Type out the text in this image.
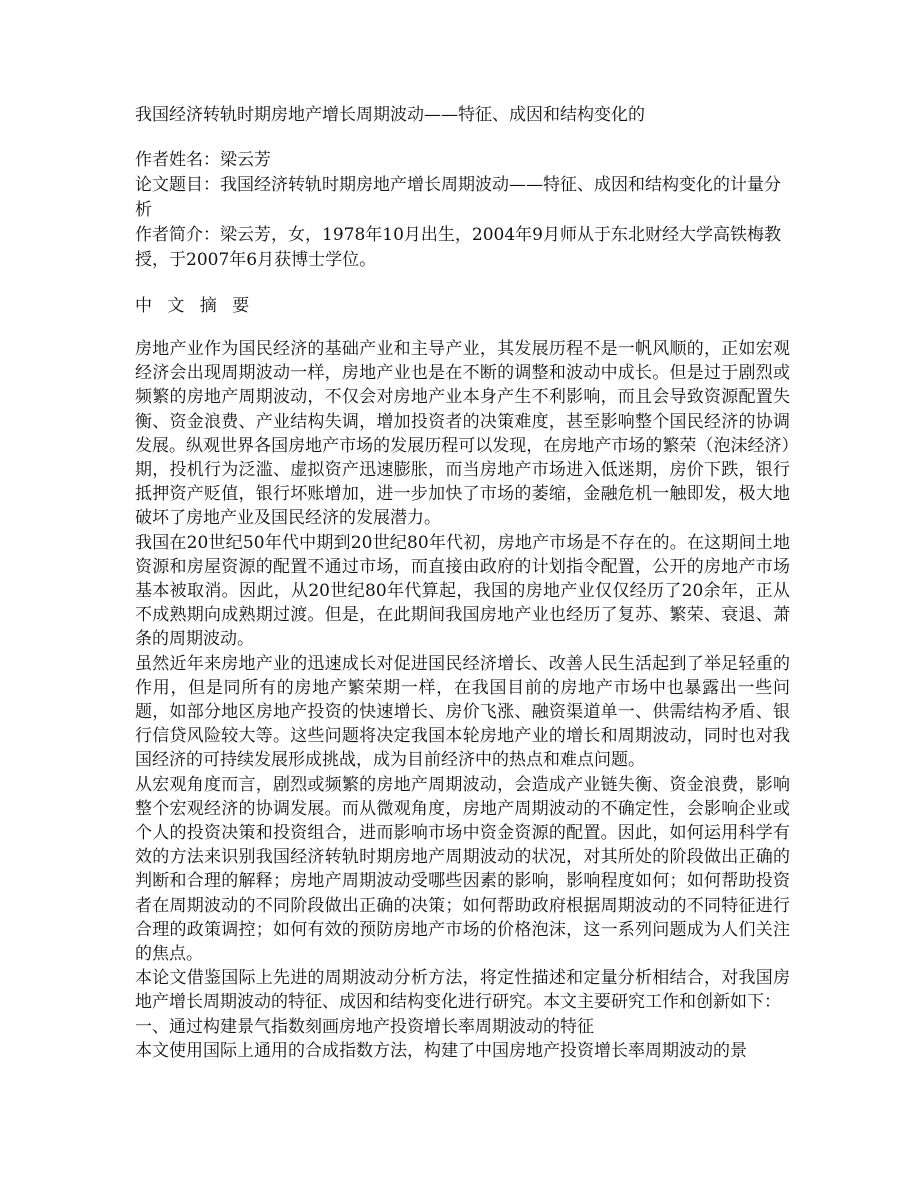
我国经济转轨时期房地产增长周期波动——特征、成因和结构变化的

作者姓名：梁云芳

论文题目：我国经济转轨时期房地产增长周期波动——特征、成因和结构变化的计量分析

作者简介：梁云芳，女，1978年10月出生，2004年9月师从于东北财经大学高铁梅教授，于2007年6月获博士学位。

中 文 摘 要

房地产业作为国民经济的基础产业和主导产业，其发展历程不是一帆风顺的，正如宏观经济会出现周期波动一样，房地产业也是在不断的调整和波动中成长。但是过于剧烈或频繁的房地产周期波动，不仅会对房地产业本身产生不利影响，而且会导致资源配置失衡、资金浪费、产业结构失调，增加投资者的决策难度，甚至影响整个国民经济的协调发展。纵观世界各国房地产市场的发展历程可以发现，在房地产市场的繁荣（泡沫经济）期，投机行为泛滥、虚拟资产迅速膨胀，而当房地产市场进入低迷期，房价下跌，银行抵押资产贬值，银行坏账增加，进一步加快了市场的萎缩，金融危机一触即发，极大地破坏了房地产业及国民经济的发展潜力。

我国在20世纪50年代中期到20世纪80年代初，房地产市场是不存在的。在这期间土地资源和房屋资源的配置不通过市场，而直接由政府的计划指令配置，公开的房地产市场基本被取消。因此，从20世纪80年代算起，我国的房地产业仅仅经历了20余年，正从不成熟期向成熟期过渡。但是，在此期间我国房地产业也经历了复苏、繁荣、衰退、萧条的周期波动。

虽然近年来房地产业的迅速成长对促进国民经济增长、改善人民生活起到了举足轻重的作用，但是同所有的房地产繁荣期一样，在我国目前的房地产市场中也暴露出一些问题，如部分地区房地产投资的快速增长、房价飞涨、融资渠道单一、供需结构矛盾、银行信贷风险较大等。这些问题将决定我国本轮房地产业的增长和周期波动，同时也对我国经济的可持续发展形成挑战，成为目前经济中的热点和难点问题。

从宏观角度而言，剧烈或频繁的房地产周期波动，会造成产业链失衡、资金浪费，影响整个宏观经济的协调发展。而从微观角度，房地产周期波动的不确定性，会影响企业或个人的投资决策和投资组合，进而影响市场中资金资源的配置。因此，如何运用科学有效的方法来识别我国经济转轨时期房地产周期波动的状况，对其所处的阶段做出正确的判断和合理的解释；房地产周期波动受哪些因素的影响，影响程度如何；如何帮助投资者在周期波动的不同阶段做出正确的决策；如何帮助政府根据周期波动的不同特征进行合理的政策调控；如何有效的预防房地产市场的价格泡沫，这一系列问题成为人们关注的焦点。

本论文借鉴国际上先进的周期波动分析方法，将定性描述和定量分析相结合，对我国房地产增长周期波动的特征、成因和结构变化进行研究。本文主要研究工作和创新如下：

一、通过构建景气指数刻画房地产投资增长率周期波动的特征

本文使用国际上通用的合成指数方法，构建了中国房地产投资增长率周期波动的景
